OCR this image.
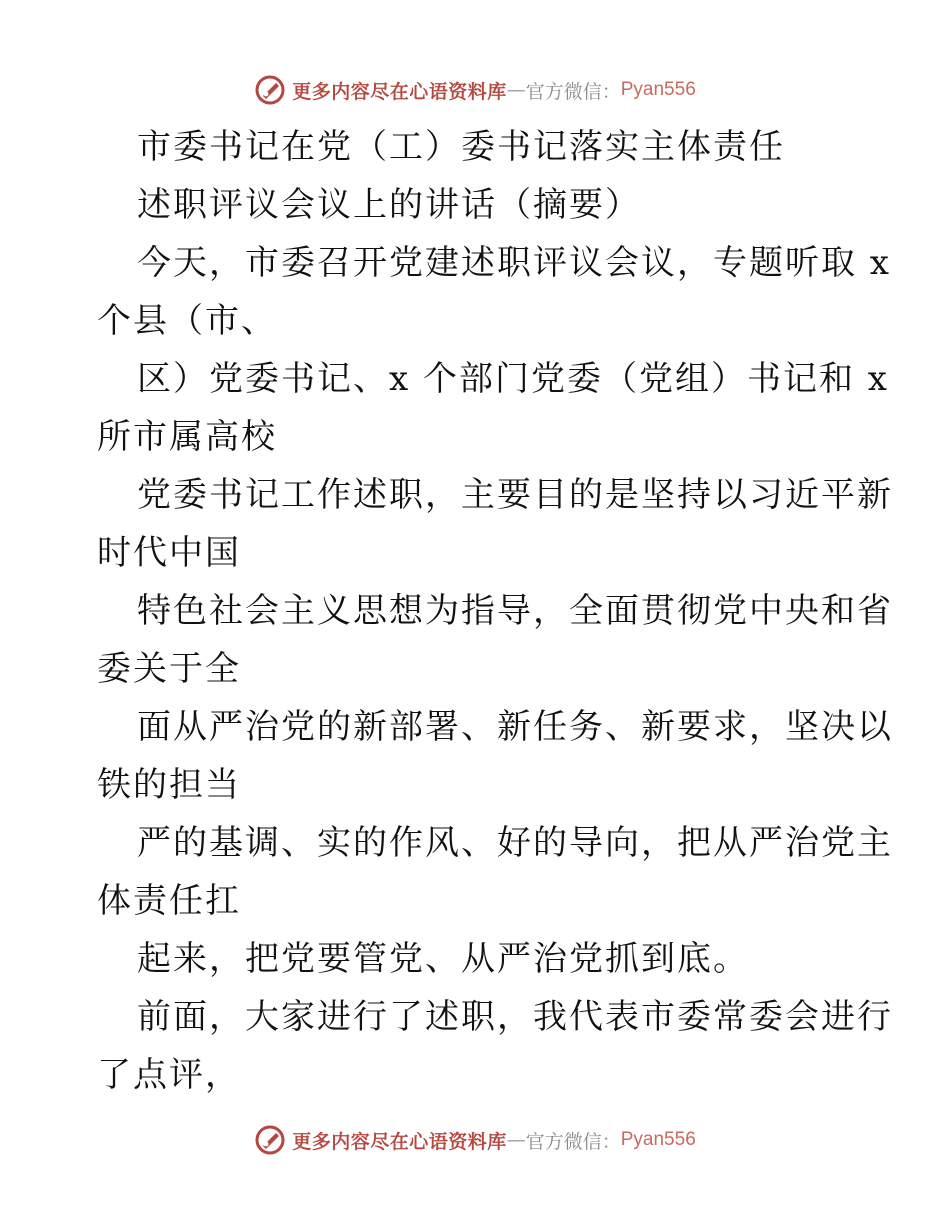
更多内容尽在心语资料库 — 官方微信： Pyan556
市委书记在党（工）委书记落实主体责任
述职评议会议上的讲话（摘要）
今天，市委召开党建述职评议会议，专题听取 x
个县（市、
区）党委书记、x 个部门党委（党组）书记和 x
所市属高校
党委书记工作述职，主要目的是坚持以习近平新
时代中国
特色社会主义思想为指导，全面贯彻党中央和省
委关于全
面从严治党的新部署、新任务、新要求，坚决以
铁的担当
严的基调、实的作风、好的导向，把从严治党主
体责任扛
起来，把党要管党、从严治党抓到底。
前面，大家进行了述职，我代表市委常委会进行
了点评，
更多内容尽在心语资料库 — 官方微信： Pyan556
